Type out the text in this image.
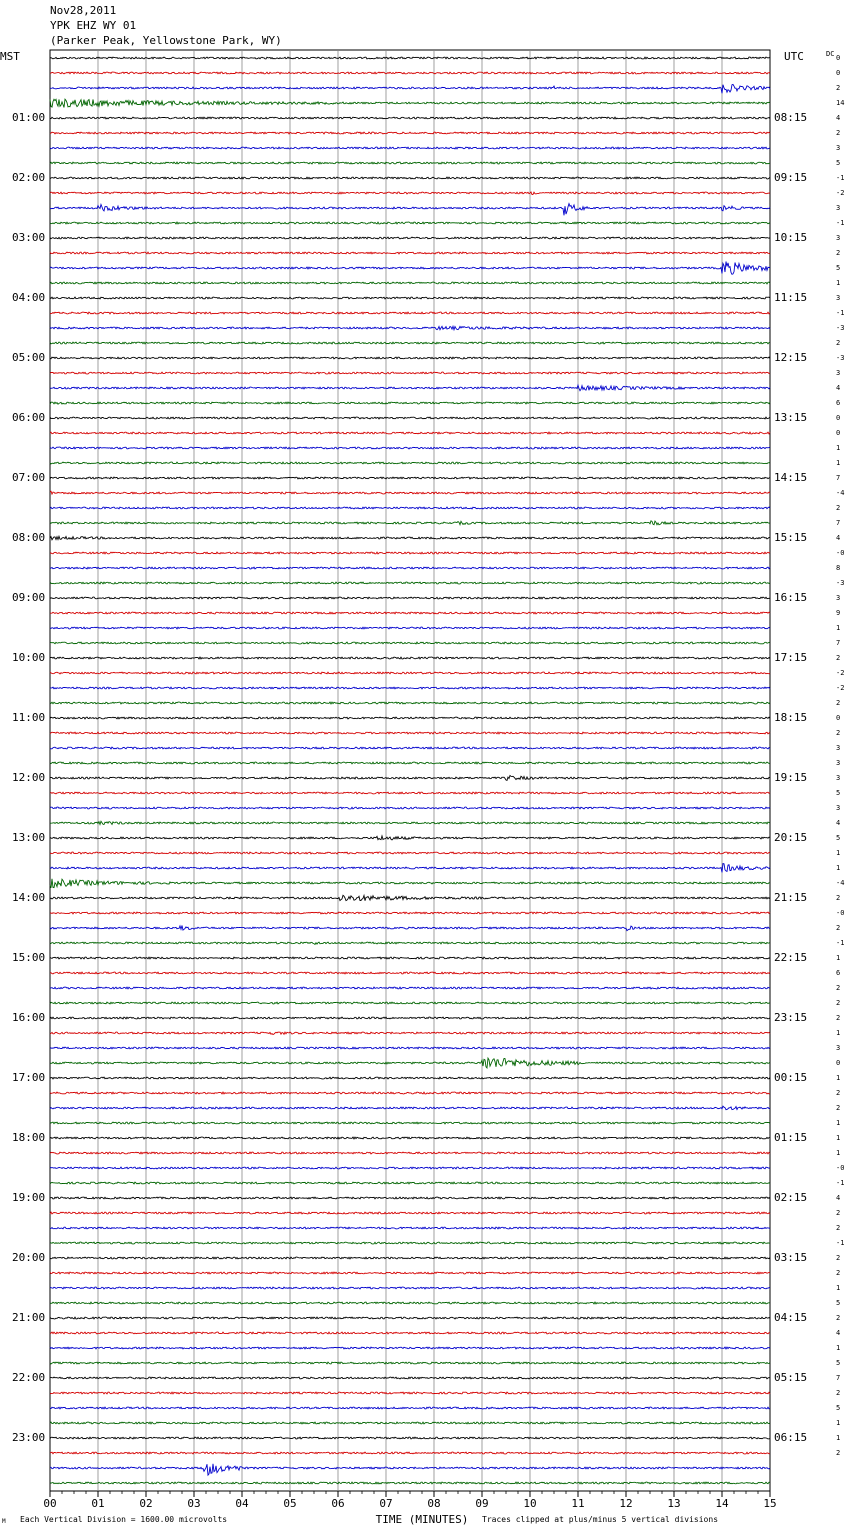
Nov28,2011
YPK EHZ WY 01
(Parker Peak, Yellowstone Park, WY)
MST	UTC	DC
00	01	02	03	04	05	06	07	08	09	10	11	12	13	14	15
TIME (MINUTES)
01:00
02:00
03:00
04:00
05:00
06:00
07:00
08:00
09:00
10:00
11:00
12:00
13:00
14:00
15:00
16:00
17:00
18:00
19:00
20:00
21:00
22:00
23:00
08:15
09:15
10:15
11:15
12:15
13:15
14:15
15:15
16:15
17:15
18:15
19:15
20:15
21:15
22:15
23:15
00:15
01:15
02:15
03:15
04:15
05:15
06:15
0
0
2
14
4
2
3
5
-1
-2
3
-1
3
2
5
1
3
-1
-3
2
-3
3
4
6
0
0
1
1
7
-4
2
7
4
-0
8
-3
3
9
1
7
2
-2
-2
2
0
2
3
3
3
5
3
4
5
1
1
-4
2
-0
2
-1
1
6
2
2
2
1
3
0
1
2
2
1
1
1
-0
-1
4
2
2
-1
2
2
1
5
2
4
1
5
7
2
5
1
1
2
M Each Vertical Division = 1600.00 microvolts	Traces clipped at plus/minus 5 vertical divisions
